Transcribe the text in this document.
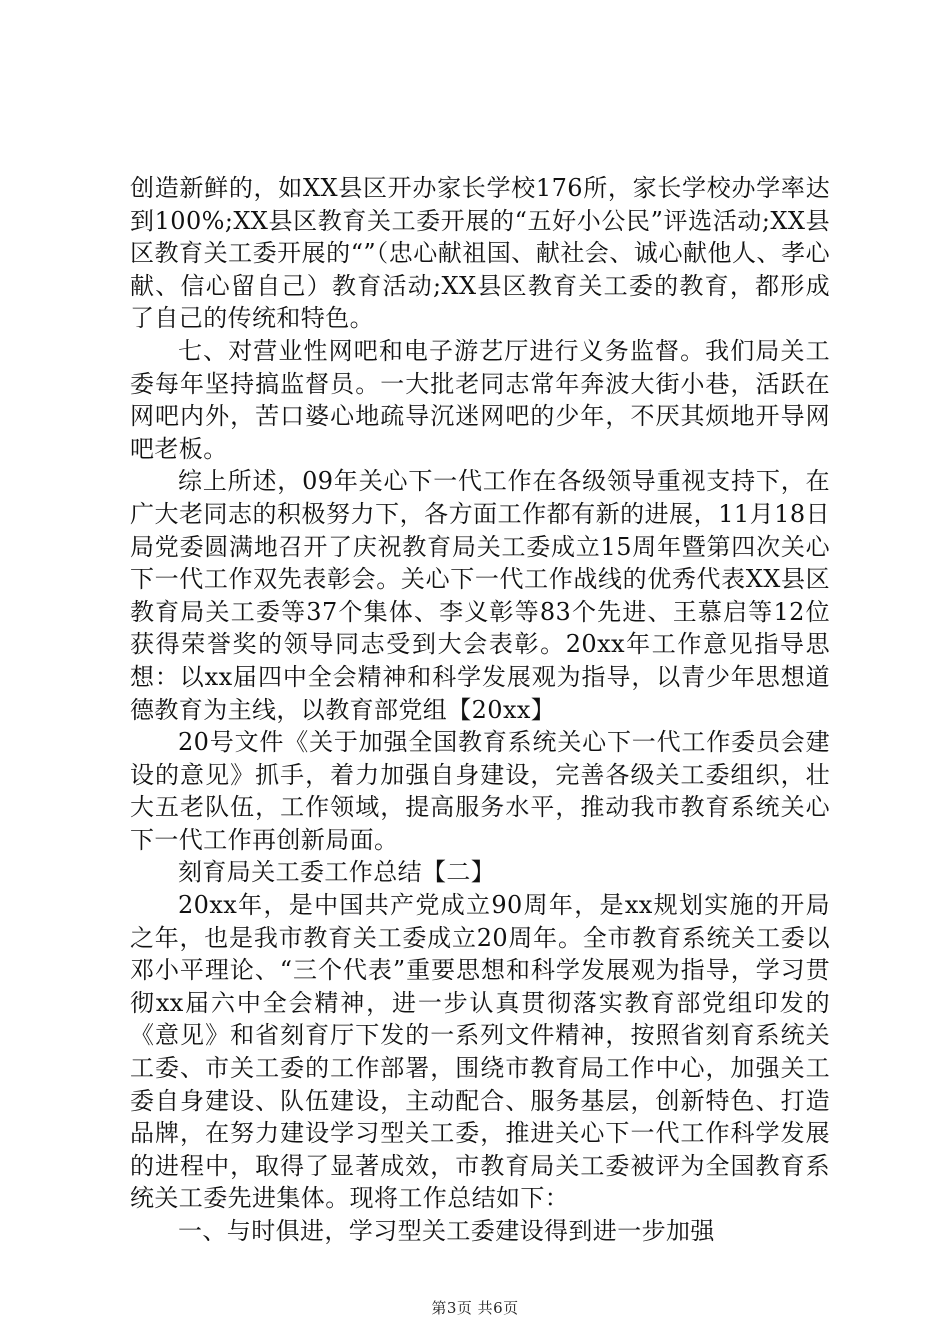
创造新鲜的，如XX县区开办家长学校176所，家长学校办学率达到100%;XX县区教育关工委开展的“五好小公民”评选活动;XX县区教育关工委开展的“”（忠心献祖国、献社会、诚心献他人、孝心献、信心留自己）教育活动;XX县区教育关工委的教育，都形成了自己的传统和特色。

七、对营业性网吧和电子游艺厅进行义务监督。我们局关工委每年坚持搞监督员。一大批老同志常年奔波大街小巷，活跃在网吧内外，苦口婆心地疏导沉迷网吧的少年，不厌其烦地开导网吧老板。

综上所述，09年关心下一代工作在各级领导重视支持下，在广大老同志的积极努力下，各方面工作都有新的进展，11月18日局党委圆满地召开了庆祝教育局关工委成立15周年暨第四次关心下一代工作双先表彰会。关心下一代工作战线的优秀代表XX县区教育局关工委等37个集体、李义彰等83个先进、王慕启等12位获得荣誉奖的领导同志受到大会表彰。20xx年工作意见指导思想：以xx届四中全会精神和科学发展观为指导，以青少年思想道德教育为主线，以教育部党组【20xx】

20号文件《关于加强全国教育系统关心下一代工作委员会建设的意见》抓手，着力加强自身建设，完善各级关工委组织，壮大五老队伍，工作领域，提高服务水平，推动我市教育系统关心下一代工作再创新局面。

刻育局关工委工作总结【二】

20xx年，是中国共产党成立90周年，是xx规划实施的开局之年，也是我市教育关工委成立20周年。全市教育系统关工委以邓小平理论、“三个代表”重要思想和科学发展观为指导，学习贯彻xx届六中全会精神，进一步认真贯彻落实教育部党组印发的《意见》和省刻育厅下发的一系列文件精神，按照省刻育系统关工委、市关工委的工作部署，围绕市教育局工作中心，加强关工委自身建设、队伍建设，主动配合、服务基层，创新特色、打造品牌，在努力建设学习型关工委，推进关心下一代工作科学发展的进程中，取得了显著成效，市教育局关工委被评为全国教育系统关工委先进集体。现将工作总结如下：

一、与时俱进，学习型关工委建设得到进一步加强

第3页 共6页
